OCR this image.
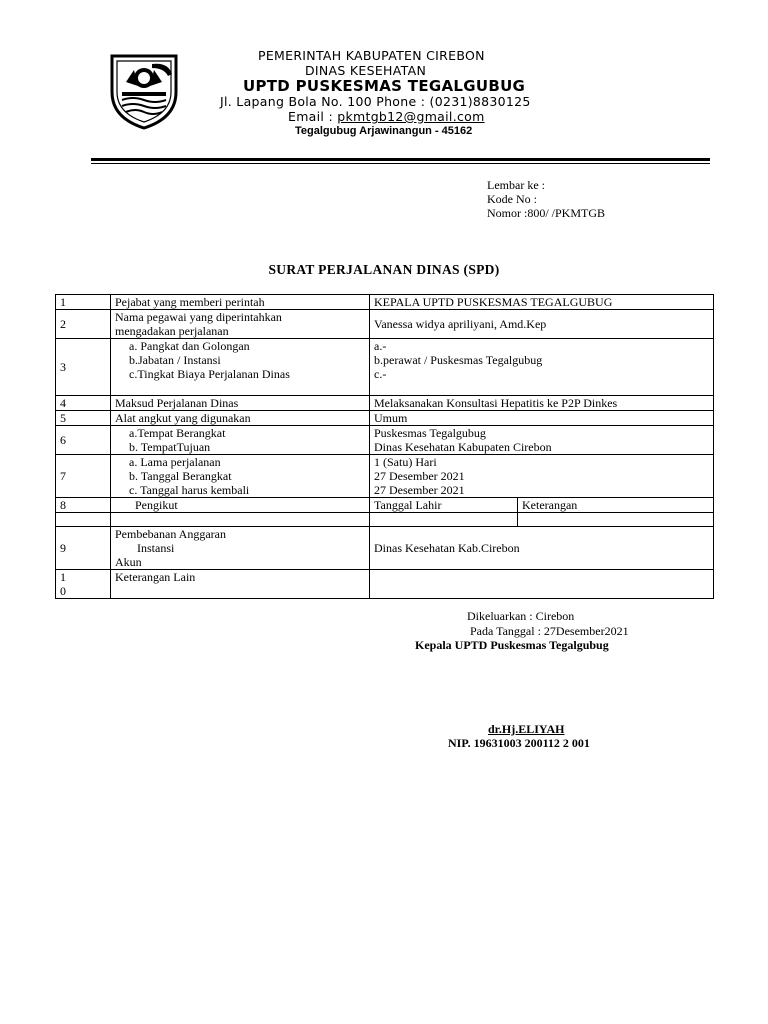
PEMERINTAH KABUPATEN CIREBON
DINAS KESEHATAN
UPTD PUSKESMAS TEGALGUBUG
Jl. Lapang Bola No. 100 Phone : (0231)8830125
Email : pkmtgb12@gmail.com
Tegalgubug Arjawinangun - 45162
Lembar ke :
Kode No :
Nomor :800/ /PKMTGB
SURAT PERJALANAN DINAS (SPD)
1	Pejabat yang memberi perintah	KEPALA UPTD PUSKESMAS TEGALGUBUG	
2	Nama pegawai yang diperintahkan
mengadakan perjalanan	Vanessa widya apriliyani, Amd.Kep	
3	a. Pangkat dan Golongan
b.Jabatan / Instansi
c.Tingkat Biaya Perjalanan Dinas	a.-
b.perawat / Puskesmas Tegalgubug
c.-	

4	Maksud Perjalanan Dinas	Melaksanakan Konsultasi Hepatitis ke P2P Dinkes	
5	Alat angkut yang digunakan	Umum	
6	a.Tempat Berangkat
b. TempatTujuan	Puskesmas Tegalgubug
Dinas Kesehatan Kabupaten Cirebon	

7	a. Lama perjalanan
b. Tanggal Berangkat
c. Tanggal harus kembali	1 (Satu) Hari
27 Desember 2021
27 Desember 2021	

8	Pengikut	Tanggal Lahir	Keterangan

9	Pembebanan Anggaran
Instansi
Akun	Dinas Kesehatan Kab.Cirebon	

1
0	Keterangan Lain		
Dikeluarkan : Cirebon
Pada Tanggal : 27Desember2021
Kepala UPTD Puskesmas Tegalgubug
dr.Hj.ELIYAH
NIP. 19631003 200112 2 001
